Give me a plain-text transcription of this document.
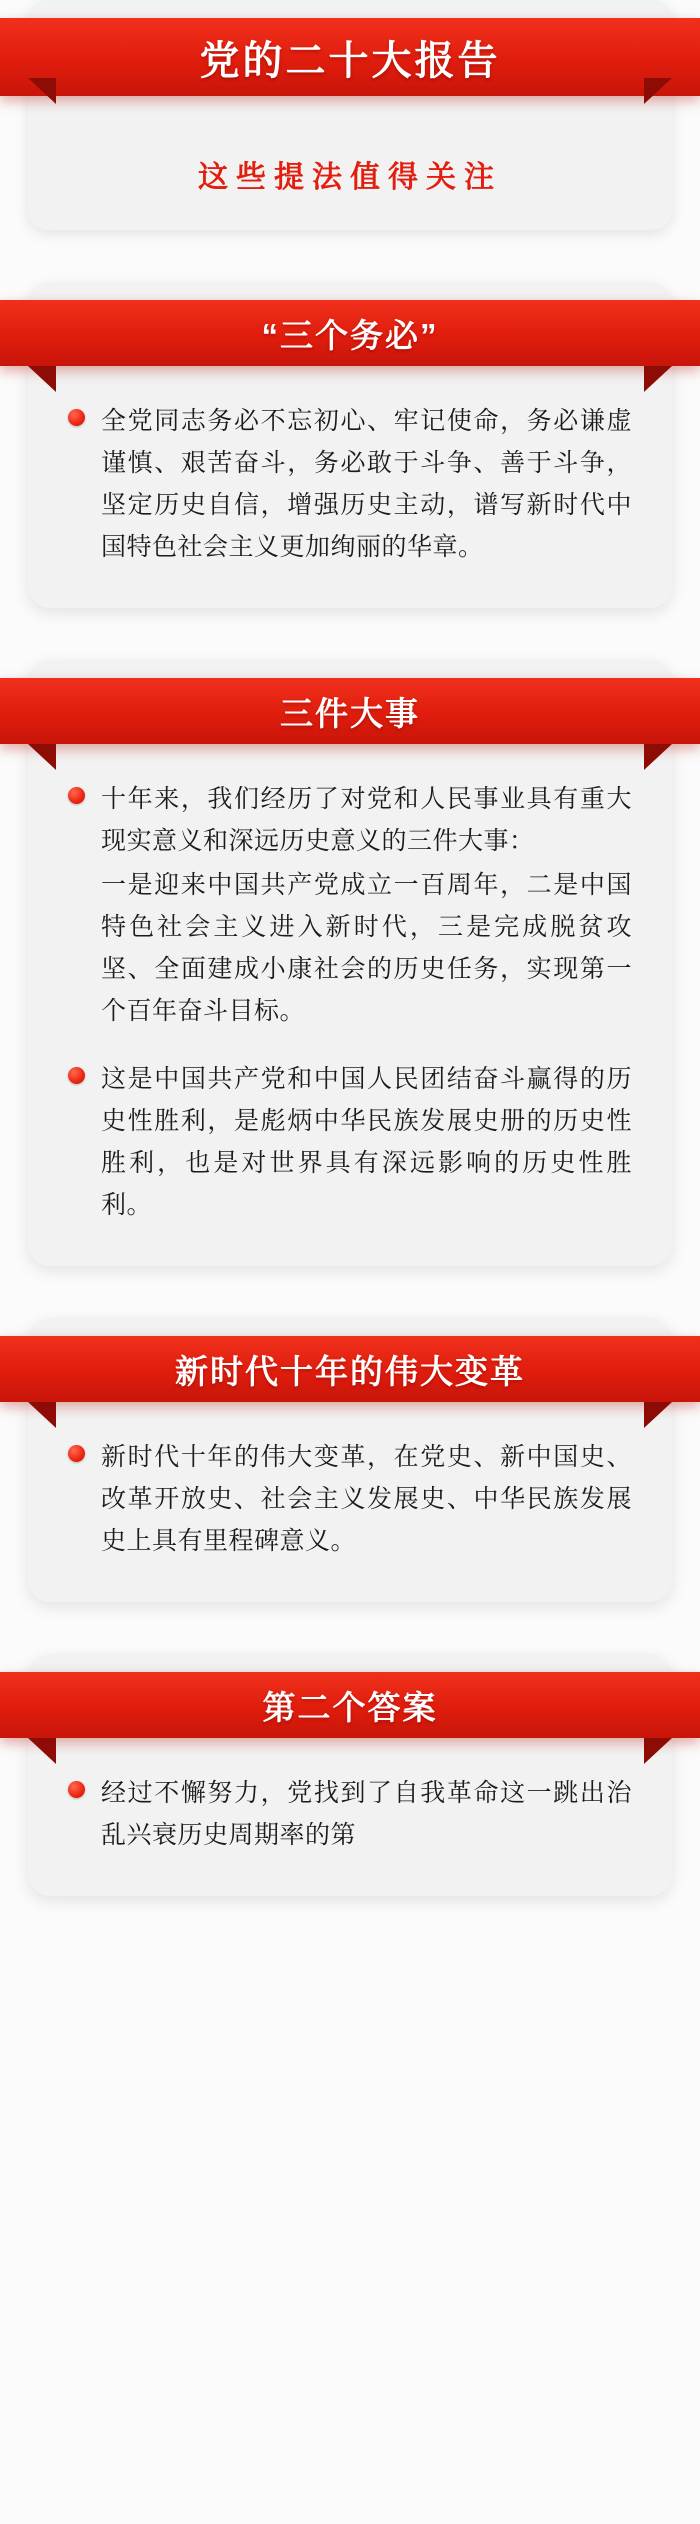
党的二十大报告
这些提法值得关注
“三个务必”

全党同志务必不忘初心、牢记使命，务必谦虚谨慎、艰苦奋斗，务必敢于斗争、善于斗争，坚定历史自信，增强历史主动，谱写新时代中国特色社会主义更加绚丽的华章。

三件大事

十年来，我们经历了对党和人民事业具有重大现实意义和深远历史意义的三件大事：

一是迎来中国共产党成立一百周年，二是中国特色社会主义进入新时代，三是完成脱贫攻坚、全面建成小康社会的历史任务，实现第一个百年奋斗目标。

这是中国共产党和中国人民团结奋斗赢得的历史性胜利，是彪炳中华民族发展史册的历史性胜利，也是对世界具有深远影响的历史性胜利。

新时代十年的伟大变革

新时代十年的伟大变革，在党史、新中国史、改革开放史、社会主义发展史、中华民族发展史上具有里程碑意义。

第二个答案

经过不懈努力，党找到了自我革命这一跳出治乱兴衰历史周期率的第
